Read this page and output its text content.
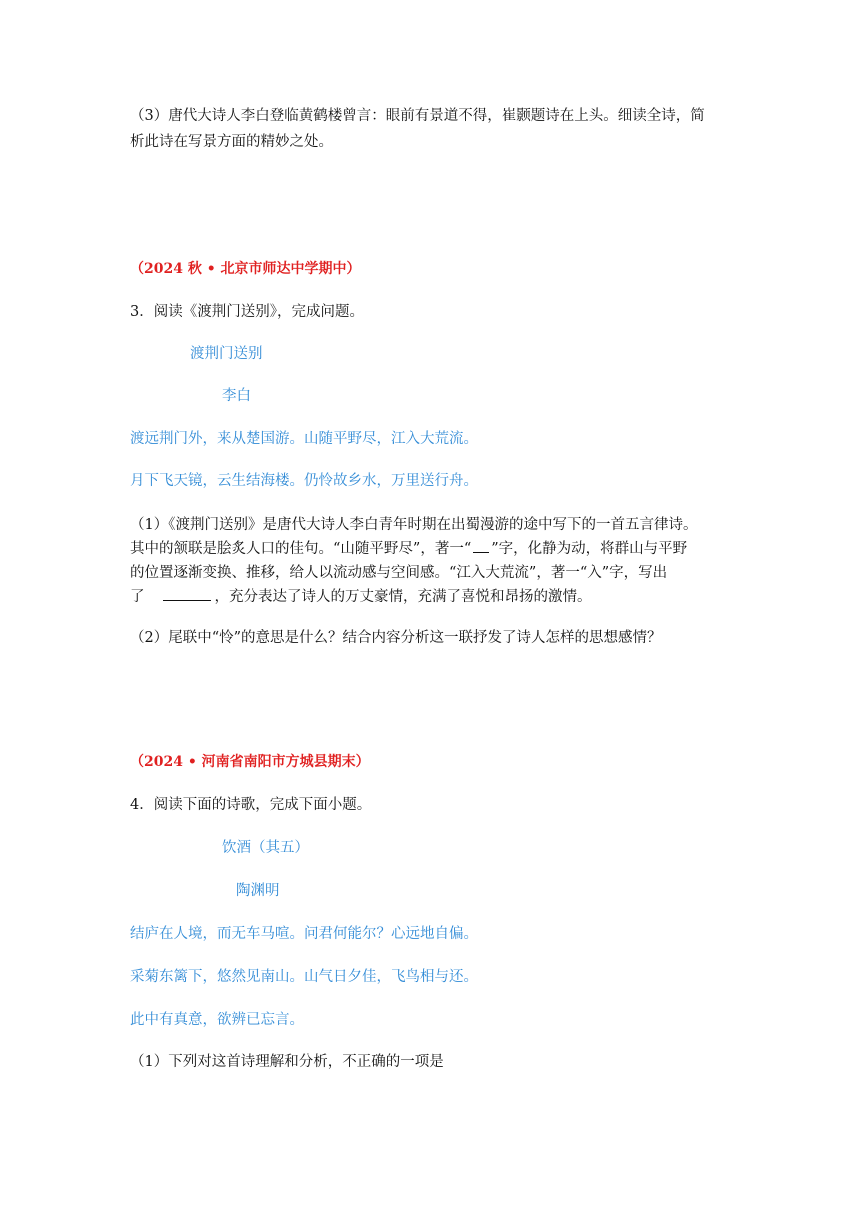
（3）唐代大诗人李白登临黄鹤楼曾言：眼前有景道不得，崔颢题诗在上头。细读全诗，简
析此诗在写景方面的精妙之处。
（2024 秋 • 北京市师达中学期中）
3．阅读《渡荆门送别》，完成问题。
渡荆门送别
李白
渡远荆门外，来从楚国游。山随平野尽，江入大荒流。
月下飞天镜，云生结海楼。仍怜故乡水，万里送行舟。
（1）《渡荆门送别》是唐代大诗人李白青年时期在出蜀漫游的途中写下的一首五言律诗。
其中的颔联是脍炙人口的佳句。“山随平野尽”，著一“ ”字，化静为动，将群山与平野
的位置逐渐变换、推移，给人以流动感与空间感。“江入大荒流”，著一“入”字，写出
了	，充分表达了诗人的万丈豪情，充满了喜悦和昂扬的激情。
（2）尾联中“怜”的意思是什么？结合内容分析这一联抒发了诗人怎样的思想感情？
（2024 • 河南省南阳市方城县期末）
4．阅读下面的诗歌，完成下面小题。
饮酒（其五）
陶渊明
结庐在人境，而无车马喧。问君何能尔？心远地自偏。
采菊东篱下，悠然见南山。山气日夕佳，飞鸟相与还。
此中有真意，欲辨已忘言。
（1）下列对这首诗理解和分析，不正确的一项是
